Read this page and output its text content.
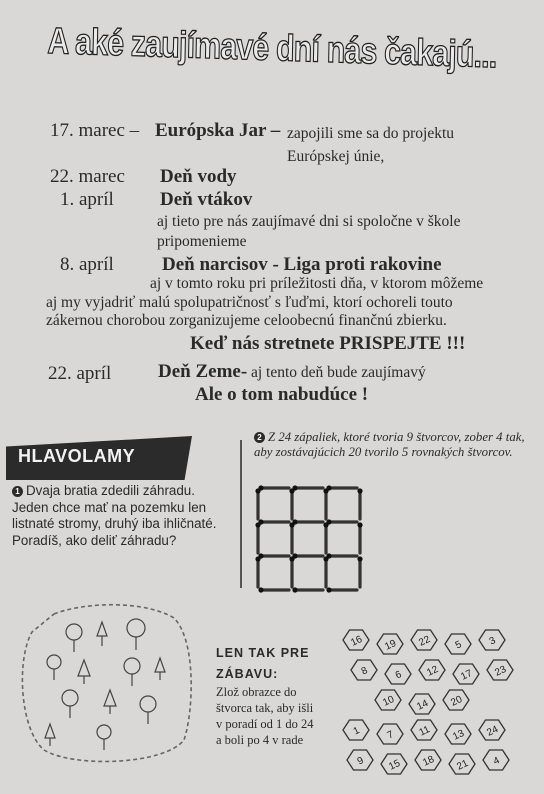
A aké zaujímavé dní nás čakajú...
17. marec – Európska Jar – zapojili sme sa do projektu
Európskej únie,
22. marec Deň vody
1. apríl Deň vtákov
aj tieto pre nás zaujímavé dni si spoločne v škole
pripomenieme
8. apríl	Deň narcisov - Liga proti rakovine
aj v tomto roku pri príležitosti dňa, v ktorom môžeme
aj my vyjadriť malú spolupatričnosť s ľuďmi, ktorí ochoreli touto
zákernou chorobou zorganizujeme celoobecnú finančnú zbierku.
Keď nás stretnete PRISPEJTE !!!
22. apríl Deň Zeme- aj tento deň bude zaujímavý
Ale o tom nabudúce !
HLAVOLAMY
1 Dvaja bratia zdedili záhradu. Jeden chce mať na pozemku len listnaté stromy, druhý iba ihličnaté. Poradíš, ako deliť záhradu?
2 Z 24 zápaliek, ktoré tvoria 9 štvorcov, zober 4 tak, aby zostávajúcich 20 tvorilo 5 rovnakých štvorcov.
LEN TAK PRE
ZÁBAVU:
Zlož obrazce do štvorca tak, aby išli v poradí od 1 do 24 a boli po 4 v rade
16 19 22 5 3
8 6 12 17 23
10 14 20
1 7 11 13 24
9 15 18 21 4
